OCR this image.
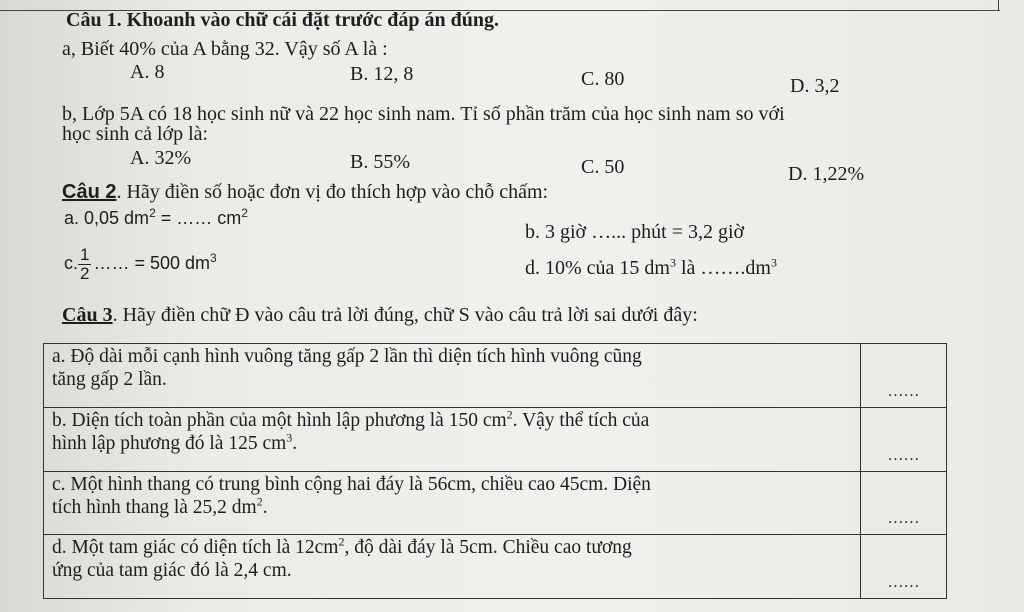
Câu 1. Khoanh vào chữ cái đặt trước đáp án đúng.
a, Biết 40% của A bằng 32. Vậy số A là :
A. 8	B. 12, 8	C. 80	D. 3,2
b, Lớp 5A có 18 học sinh nữ và 22 học sinh nam. Tỉ số phần trăm của học sinh nam so với
học sinh cả lớp là:
A. 32%	B. 55%	C. 50	D. 1,22%
Câu 2. Hãy điền số hoặc đơn vị đo thích hợp vào chỗ chấm:
a. 0,05 $dm^2$ = …… $cm^2$
b. 3 giờ …... phút = 3,2 giờ
c. $\frac{1}{2}$ …… = 500 $dm^3$	d. 10% của 15 $dm^3$ là $\dots\dots.dm^3$
Câu 3. Hãy điền chữ Đ vào câu trả lời đúng, chữ S vào câu trả lời sai dưới đây:
a. Độ dài mỗi cạnh hình vuông tăng gấp 2 lần thì diện tích hình vuông cũng
tăng gấp 2 lần.	……
b. Diện tích toàn phần của một hình lập phương là 150 $cm^2$. Vậy thể tích của
hình lập phương đó là 125 $cm^3$.	……
c. Một hình thang có trung bình cộng hai đáy là 56cm, chiều cao 45cm. Diện
tích hình thang là 25,2 $dm^2$.	……
d. Một tam giác có diện tích là $12cm^2$, độ dài đáy là 5cm. Chiều cao tương
ứng của tam giác đó là 2,4 cm.	……
